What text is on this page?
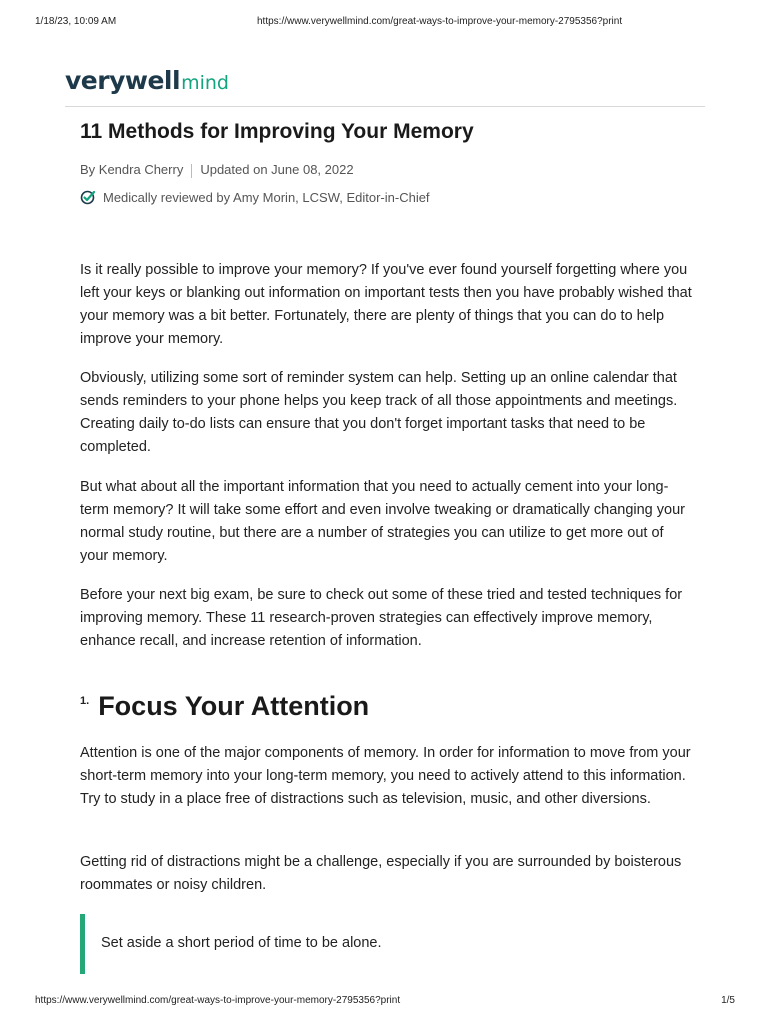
1/18/23, 10:09 AM	https://www.verywellmind.com/great-ways-to-improve-your-memory-2795356?print
verywellmind
11 Methods for Improving Your Memory
By Kendra Cherry Updated on June 08, 2022
Medically reviewed by Amy Morin, LCSW, Editor-in-Chief

Is it really possible to improve your memory? If you've ever found yourself forgetting where you left your keys or blanking out information on important tests then you have probably wished that your memory was a bit better. Fortunately, there are plenty of things that you can do to help improve your memory.

Obviously, utilizing some sort of reminder system can help. Setting up an online calendar that sends reminders to your phone helps you keep track of all those appointments and meetings. Creating daily to-do lists can ensure that you don't forget important tasks that need to be completed.

But what about all the important information that you need to actually cement into your long-term memory? It will take some effort and even involve tweaking or dramatically changing your normal study routine, but there are a number of strategies you can utilize to get more out of your memory.

Before your next big exam, be sure to check out some of these tried and tested techniques for improving memory. These 11 research-proven strategies can effectively improve memory, enhance recall, and increase retention of information.

1. Focus Your Attention

Attention is one of the major components of memory. In order for information to move from your short-term memory into your long-term memory, you need to actively attend to this information. Try to study in a place free of distractions such as television, music, and other diversions.

Getting rid of distractions might be a challenge, especially if you are surrounded by boisterous roommates or noisy children.

Set aside a short period of time to be alone.
https://www.verywellmind.com/great-ways-to-improve-your-memory-2795356?print	1/5
